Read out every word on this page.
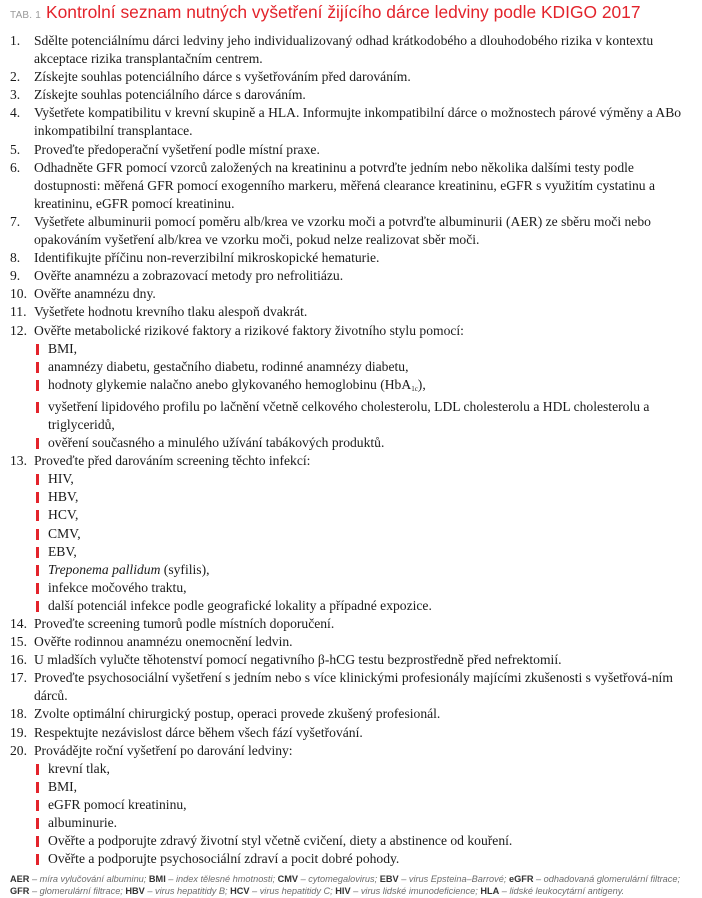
TAB. 1 Kontrolní seznam nutných vyšetření žijícího dárce ledviny podle KDIGO 2017
1.	Sdělte potenciálnímu dárci ledviny jeho individualizovaný odhad krátkodobého a dlouhodobého rizika v kontextu akceptace rizika transplantačním centrem.
2.	Získejte souhlas potenciálního dárce s vyšetřováním před darováním.
3.	Získejte souhlas potenciálního dárce s darováním.
4.	Vyšetřete kompatibilitu v krevní skupině a HLA. Informujte inkompatibilní dárce o možnostech párové výměny a ABo inkompatibilní transplantace.
5.	Proveďte předoperační vyšetření podle místní praxe.
6.	Odhadněte GFR pomocí vzorců založených na kreatininu a potvrďte jedním nebo několika dalšími testy podle dostupnosti: měřená GFR pomocí exogenního markeru, měřená clearance kreatininu, eGFR s využitím cystatinu a kreatininu, eGFR pomocí kreatininu.
7.	Vyšetřete albuminurii pomocí poměru alb/krea ve vzorku moči a potvrďte albuminurii (AER) ze sběru moči nebo opakováním vyšetření alb/krea ve vzorku moči, pokud nelze realizovat sběr moči.
8.	Identifikujte příčinu non-reverzibilní mikroskopické hematurie.
9.	Ověřte anamnézu a zobrazovací metody pro nefrolitiázu.
10. Ověřte anamnézu dny.
11. Vyšetřete hodnotu krevního tlaku alespoň dvakrát.
12. Ověřte metabolické rizikové faktory a rizikové faktory životního stylu pomocí:
BMI,
anamnézy diabetu, gestačního diabetu, rodinné anamnézy diabetu,
hodnoty glykemie nalačno anebo glykovaného hemoglobinu (HbA1c),
vyšetření lipidového profilu po lačnění včetně celkového cholesterolu, LDL cholesterolu a HDL cholesterolu a triglyceridů,
ověření současného a minulého užívání tabákových produktů.
13. Proveďte před darováním screening těchto infekcí:
HIV,
HBV,
HCV,
CMV,
EBV,
Treponema pallidum (syfilis),
infekce močového traktu,
další potenciál infekce podle geografické lokality a případné expozice.
14. Proveďte screening tumorů podle místních doporučení.
15. Ověřte rodinnou anamnézu onemocnění ledvin.
16. U mladších vylučte těhotenství pomocí negativního β-hCG testu bezprostředně před nefrektomií.
17. Proveďte psychosociální vyšetření s jedním nebo s více klinickými profesionály majícími zkušenosti s vyšetřová-ním dárců.
18. Zvolte optimální chirurgický postup, operaci provede zkušený profesionál.
19. Respektujte nezávislost dárce během všech fází vyšetřování.
20. Provádějte roční vyšetření po darování ledviny:
krevní tlak,
BMI,
eGFR pomocí kreatininu,
albuminurie.
Ověřte a podporujte zdravý životní styl včetně cvičení, diety a abstinence od kouření.
Ověřte a podporujte psychosociální zdraví a pocit dobré pohody.
AER – míra vylučování albuminu; BMI – index tělesné hmotnosti; CMV – cytomegalovirus; EBV – virus Epsteina–Barrové; eGFR – odhadovaná glomerulární filtrace; GFR – glomerulární filtrace; HBV – virus hepatitidy B; HCV – virus hepatitidy C; HIV – virus lidské imunodeficience; HLA – lidské leukocytární antigeny.
